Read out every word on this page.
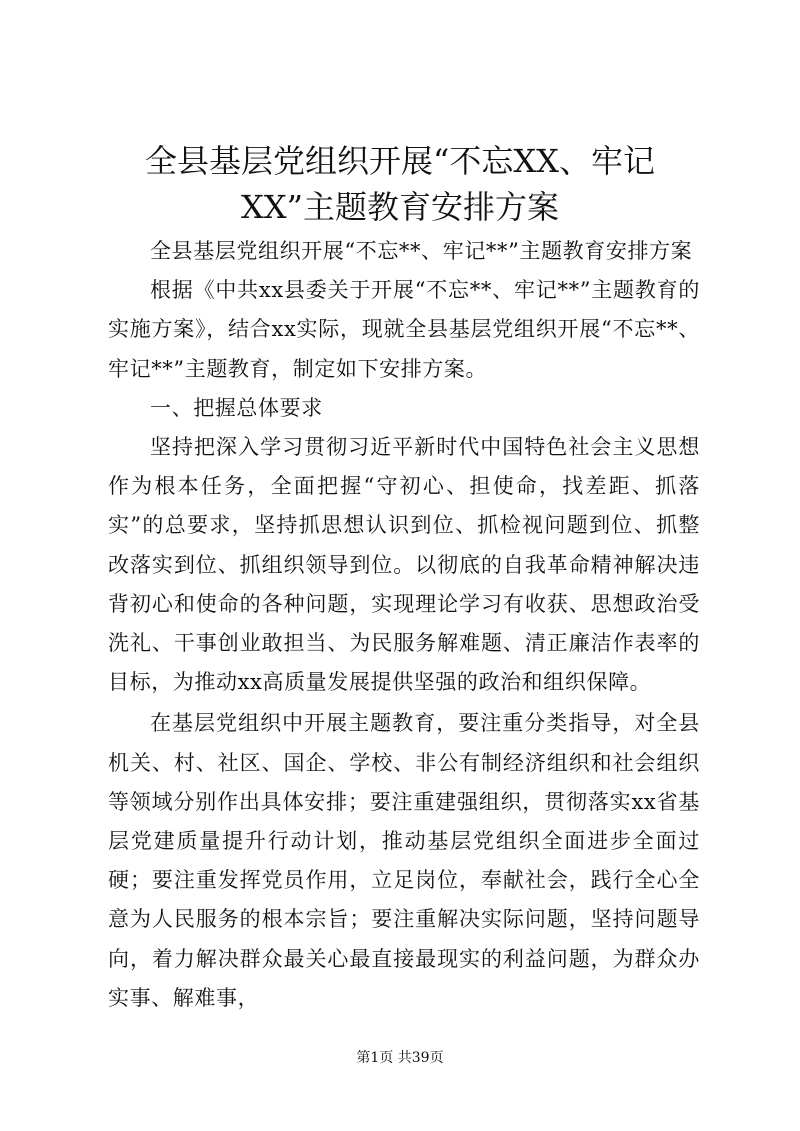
全县基层党组织开展“不忘XX、牢记XX”主题教育安排方案

全县基层党组织开展“不忘**、牢记**”主题教育安排方案

根据《中共xx县委关于开展“不忘**、牢记**”主题教育的实施方案》，结合xx实际，现就全县基层党组织开展“不忘**、牢记**”主题教育，制定如下安排方案。

一、把握总体要求

坚持把深入学习贯彻习近平新时代中国特色社会主义思想作为根本任务，全面把握“守初心、担使命，找差距、抓落实”的总要求，坚持抓思想认识到位、抓检视问题到位、抓整改落实到位、抓组织领导到位。以彻底的自我革命精神解决违背初心和使命的各种问题，实现理论学习有收获、思想政治受洗礼、干事创业敢担当、为民服务解难题、清正廉洁作表率的目标，为推动xx高质量发展提供坚强的政治和组织保障。

在基层党组织中开展主题教育，要注重分类指导，对全县机关、村、社区、国企、学校、非公有制经济组织和社会组织等领域分别作出具体安排；要注重建强组织，贯彻落实xx省基层党建质量提升行动计划，推动基层党组织全面进步全面过硬；要注重发挥党员作用，立足岗位，奉献社会，践行全心全意为人民服务的根本宗旨；要注重解决实际问题，坚持问题导向，着力解决群众最关心最直接最现实的利益问题，为群众办实事、解难事，

第1页 共39页
